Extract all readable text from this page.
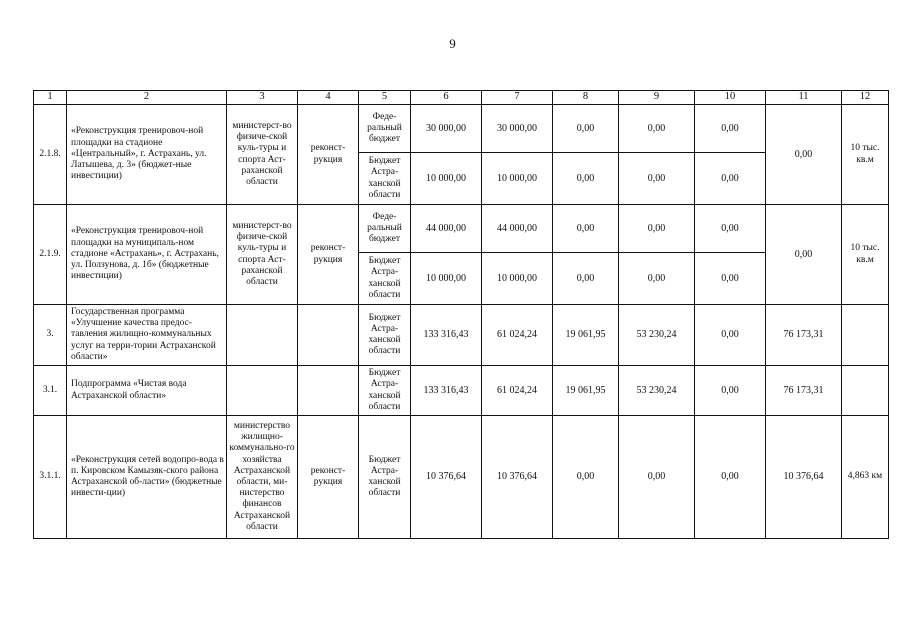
9
1	2	3	4	5	6	7	8	9	10	11	12
2.1.8.	«Реконструкция тренировоч-ной площадки на стадионе «Центральный», г. Астрахань, ул. Латышева, д. 3» (бюджет-ные инвестиции)	министерст-во физиче-ской куль-туры и спорта Аст-раханской области	реконст-рукция	Феде-ральный бюджет	30 000,00	30 000,00	0,00	0,00	0,00	0,00	10 тыс. кв.м
				Бюджет Астра-ханской области	10 000,00	10 000,00	0,00	0,00	0,00		
2.1.9.	«Реконструкция тренировоч-ной площадки на муниципаль-ном стадионе «Астрахань», г. Астрахань, ул. Ползунова, д. 1б» (бюджетные инвестиции)	министерст-во физиче-ской куль-туры и спорта Аст-раханской области	реконст-рукция	Феде-ральный бюджет	44 000,00	44 000,00	0,00	0,00	0,00	0,00	10 тыс. кв.м
				Бюджет Астра-ханской области	10 000,00	10 000,00	0,00	0,00	0,00		
3.	Государственная программа «Улучшение качества предос-тавления жилищно-коммунальных услуг на терри-тории Астраханской области»			Бюджет Астра-ханской области	133 316,43	61 024,24	19 061,95	53 230,24	0,00	76 173,31	
3.1.	Подпрограмма «Чистая вода Астраханской области»			Бюджет Астра-ханской области	133 316,43	61 024,24	19 061,95	53 230,24	0,00	76 173,31	
3.1.1.	«Реконструкция сетей водопро-вода в п. Кировском Камызяк-ского района Астраханской об-ласти» (бюджетные инвести-ции)	министерство жилищно-коммунально-го хозяйства Астраханской области, ми-нистерство финансов Астраханской области	реконст-рукция	Бюджет Астра-ханской области	10 376,64	10 376,64	0,00	0,00	0,00	10 376,64	4,863 км
